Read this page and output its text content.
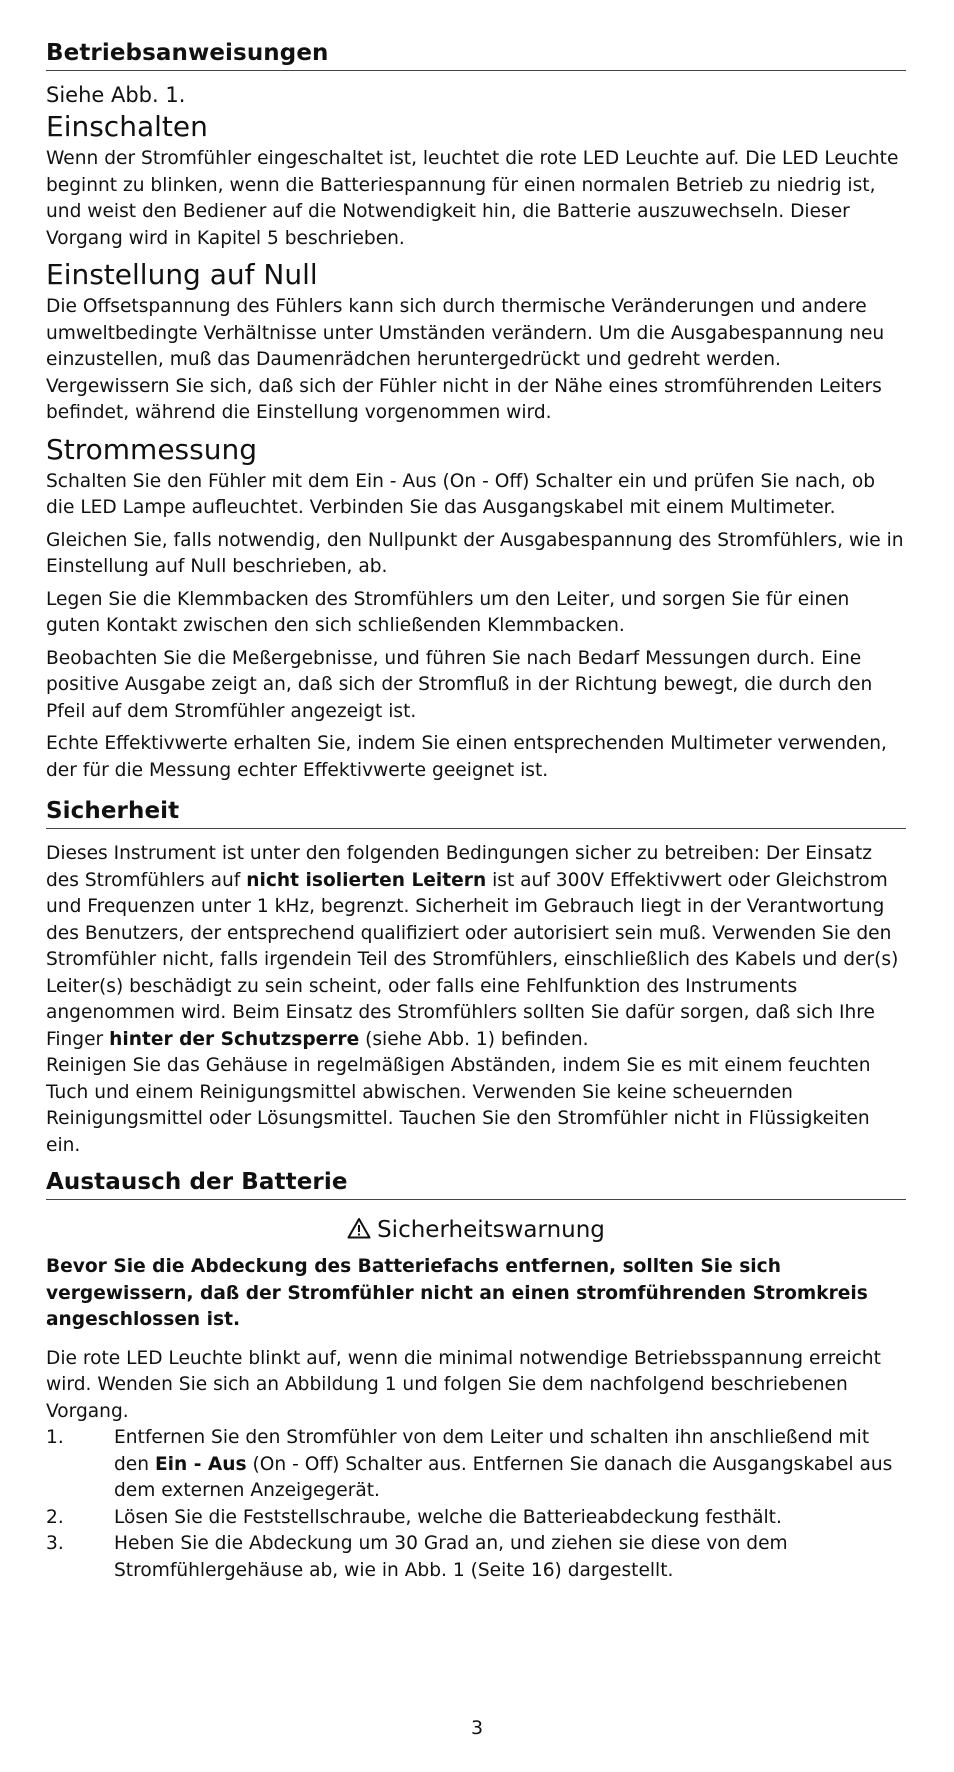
Betriebsanweisungen
Siehe Abb. 1.
Einschalten

Wenn der Stromfühler eingeschaltet ist, leuchtet die rote LED Leuchte auf. Die LED Leuchte beginnt zu blinken, wenn die Batteriespannung für einen normalen Betrieb zu niedrig ist, und weist den Bediener auf die Notwendigkeit hin, die Batterie auszuwechseln. Dieser Vorgang wird in Kapitel 5 beschrieben.

Einstellung auf Null

Die Offsetspannung des Fühlers kann sich durch thermische Veränderungen und andere umweltbedingte Verhältnisse unter Umständen verändern. Um die Ausgabespannung neu einzustellen, muß das Daumenrädchen heruntergedrückt und gedreht werden. Vergewissern Sie sich, daß sich der Fühler nicht in der Nähe eines stromführenden Leiters befindet, während die Einstellung vorgenommen wird.

Strommessung

Schalten Sie den Fühler mit dem Ein - Aus (On - Off) Schalter ein und prüfen Sie nach, ob die LED Lampe aufleuchtet. Verbinden Sie das Ausgangskabel mit einem Multimeter.

Gleichen Sie, falls notwendig, den Nullpunkt der Ausgabespannung des Stromfühlers, wie in Einstellung auf Null beschrieben, ab.

Legen Sie die Klemmbacken des Stromfühlers um den Leiter, und sorgen Sie für einen guten Kontakt zwischen den sich schließenden Klemmbacken.

Beobachten Sie die Meßergebnisse, und führen Sie nach Bedarf Messungen durch. Eine positive Ausgabe zeigt an, daß sich der Stromfluß in der Richtung bewegt, die durch den Pfeil auf dem Stromfühler angezeigt ist.

Echte Effektivwerte erhalten Sie, indem Sie einen entsprechenden Multimeter verwenden, der für die Messung echter Effektivwerte geeignet ist.

Sicherheit

Dieses Instrument ist unter den folgenden Bedingungen sicher zu betreiben: Der Einsatz des Stromfühlers auf nicht isolierten Leitern ist auf 300V Effektivwert oder Gleichstrom und Frequenzen unter 1 kHz, begrenzt. Sicherheit im Gebrauch liegt in der Verantwortung des Benutzers, der entsprechend qualifiziert oder autorisiert sein muß. Verwenden Sie den Stromfühler nicht, falls irgendein Teil des Stromfühlers, einschließlich des Kabels und der(s) Leiter(s) beschädigt zu sein scheint, oder falls eine Fehlfunktion des Instruments angenommen wird. Beim Einsatz des Stromfühlers sollten Sie dafür sorgen, daß sich Ihre Finger hinter der Schutzsperre (siehe Abb. 1) befinden.

Reinigen Sie das Gehäuse in regelmäßigen Abständen, indem Sie es mit einem feuchten Tuch und einem Reinigungsmittel abwischen. Verwenden Sie keine scheuernden Reinigungsmittel oder Lösungsmittel. Tauchen Sie den Stromfühler nicht in Flüssigkeiten ein.

Austausch der Batterie
Sicherheitswarnung
Bevor Sie die Abdeckung des Batteriefachs entfernen, sollten Sie sich vergewissern, daß der Stromfühler nicht an einen stromführenden Stromkreis angeschlossen ist.

Die rote LED Leuchte blinkt auf, wenn die minimal notwendige Betriebsspannung erreicht wird. Wenden Sie sich an Abbildung 1 und folgen Sie dem nachfolgend beschriebenen Vorgang.

1.	Entfernen Sie den Stromfühler von dem Leiter und schalten ihn anschließend mit den Ein - Aus (On - Off) Schalter aus. Entfernen Sie danach die Ausgangskabel aus dem externen Anzeigegerät.
2.	Lösen Sie die Feststellschraube, welche die Batterieabdeckung festhält.
3.	Heben Sie die Abdeckung um 30 Grad an, und ziehen sie diese von dem Stromfühlergehäuse ab, wie in Abb. 1 (Seite 16) dargestellt.
3
